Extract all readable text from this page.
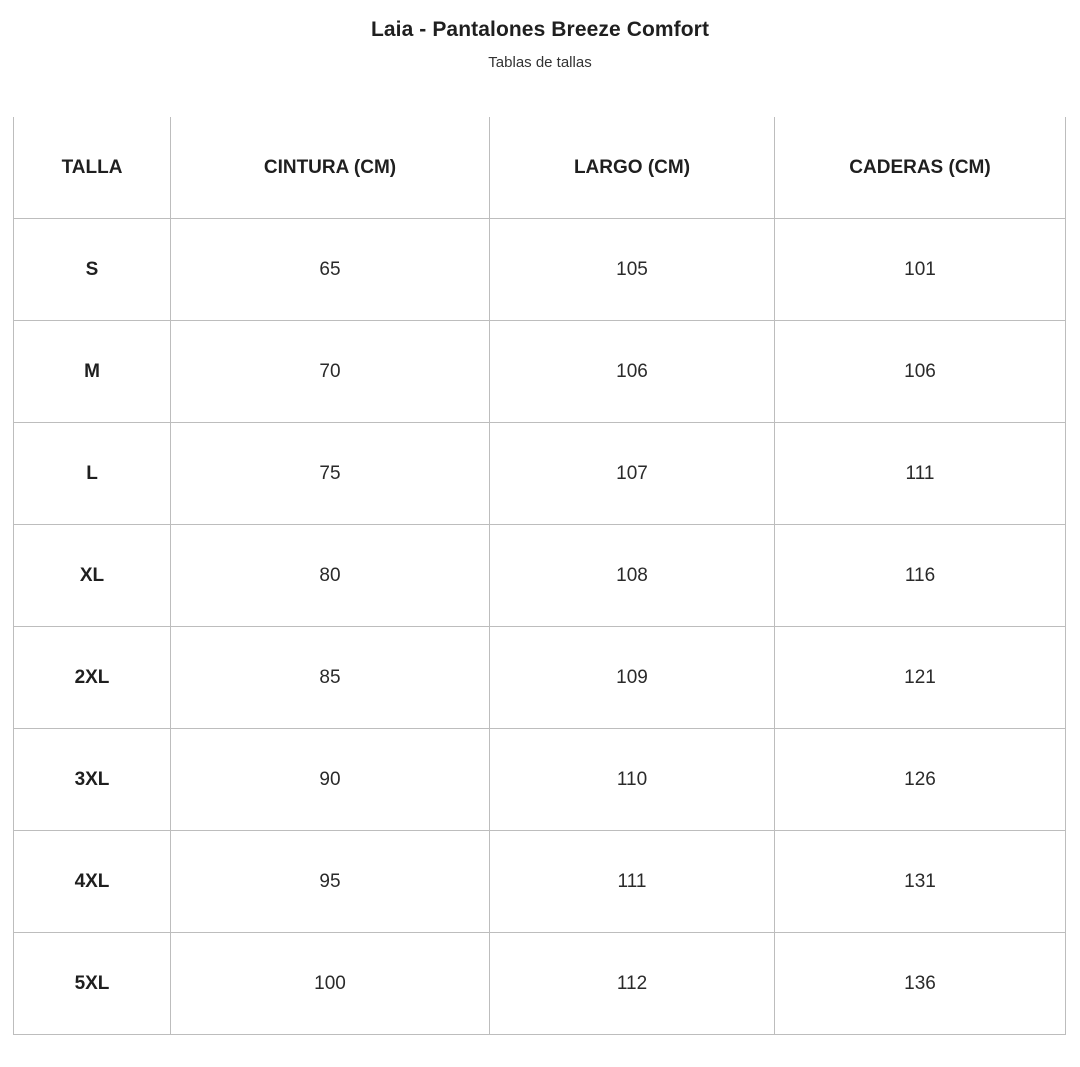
Laia - Pantalones Breeze Comfort
Tablas de tallas
TALLA	CINTURA (CM)	LARGO (CM)	CADERAS (CM)
S	65	105	101
M	70	106	106
L	75	107	111
XL	80	108	116
2XL	85	109	121
3XL	90	110	126
4XL	95	111	131
5XL	100	112	136
